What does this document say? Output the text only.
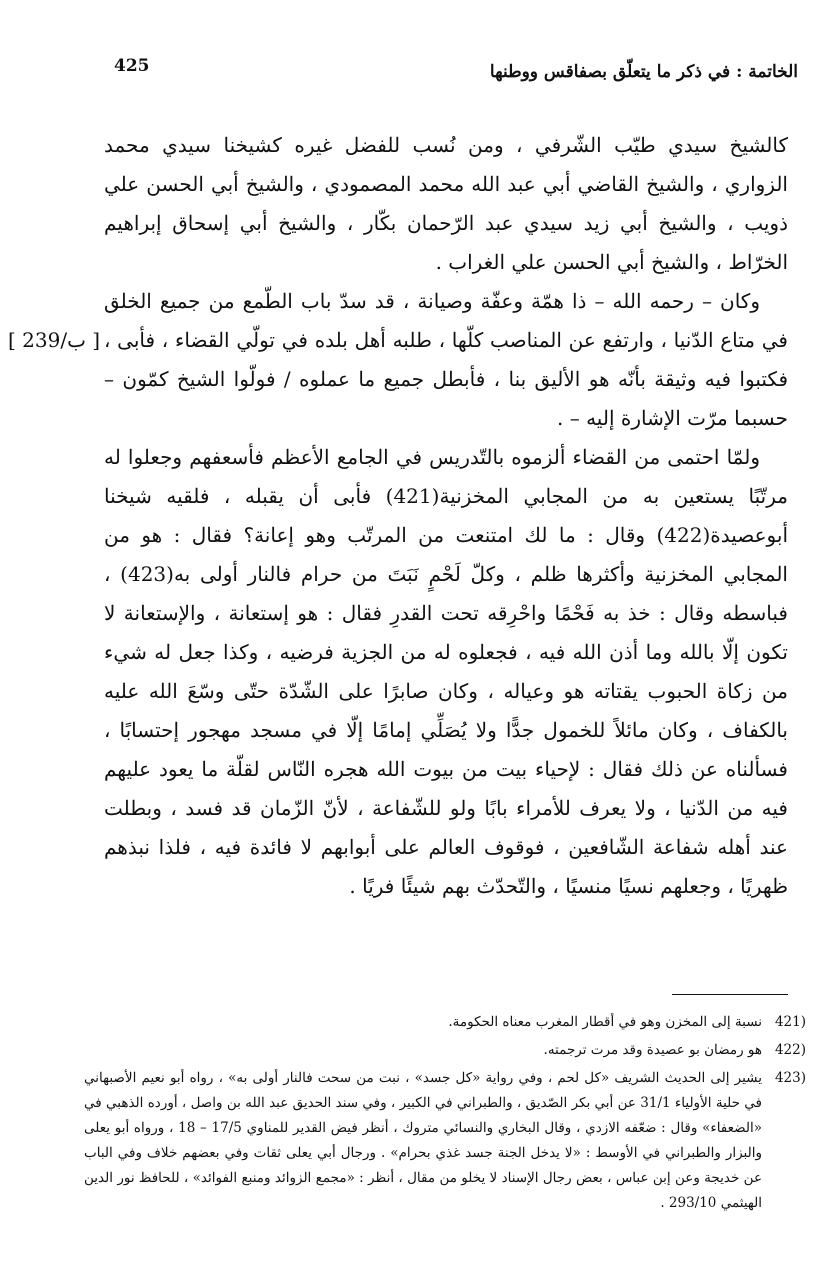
الخاتمة : في ذكر ما يتعلّق بصفاقس ووطنها
425

كالشيخ سيدي طيّب الشّرفي ، ومن نُسب للفضل غيره كشيخنا سيدي محمد الزواري ، والشيخ القاضي أبي عبد الله محمد المصمودي ، والشيخ أبي الحسن علي ذويب ، والشيخ أبي زيد سيدي عبد الرّحمان بكّار ، والشيخ أبي إسحاق إبراهيم الخرّاط ، والشيخ أبي الحسن علي الغراب .

وكان – رحمه الله – ذا همّة وعفّة وصيانة ، قد سدّ باب الطّمع من جميع الخلق في متاع الدّنيا ، وارتفع عن المناصب كلّها ، طلبه أهل بلده في تولّي القضاء ، فأبى ، فكتبوا فيه وثيقة بأنّه هو الأليق بنا ، فأبطل جميع ما عملوه / فولّوا الشيخ كمّون – حسبما مرّت الإشارة إليه – .

ولمّا احتمى من القضاء ألزموه بالتّدريس في الجامع الأعظم فأسعفهم وجعلوا له مرتّبًا يستعين به من المجابي المخزنية(421) فأبى أن يقبله ، فلقيه شيخنا أبوعصيدة(422) وقال : ما لك امتنعت من المرتّب وهو إعانة؟ فقال : هو من المجابي المخزنية وأكثرها ظلم ، وكلّ لَحْمٍ نَبَتَ من حرام فالنار أولى به(423) ، فباسطه وقال : خذ به فَحْمًا واحْرِقه تحت القدرِ فقال : هو إستعانة ، والإستعانة لا تكون إلّا بالله وما أذن الله فيه ، فجعلوه له من الجزية فرضيه ، وكذا جعل له شيء من زكاة الحبوب يقتاته هو وعياله ، وكان صابرًا على الشّدّة حتّى وسّعَ الله عليه بالكفاف ، وكان مائلاً للخمول جدًّا ولا يُصَلِّي إمامًا إلّا في مسجد مهجور إحتسابًا ، فسألناه عن ذلك فقال : لإحياء بيت من بيوت الله هجره النّاس لقلّة ما يعود عليهم فيه من الدّنيا ، ولا يعرف للأمراء بابًا ولو للشّفاعة ، لأنّ الزّمان قد فسد ، وبطلت عند أهله شفاعة الشّافعين ، فوقوف العالم على أبوابهم لا فائدة فيه ، فلذا نبذهم ظهريًا ، وجعلهم نسيًا منسيًا ، والتّحدّث بهم شيئًا فريًا .

[ 239/ب ]
(421
نسبة إلى المخزن وهو في أقطار المغرب معناه الحكومة.
(422
هو رمضان بو عصيدة وقد مرت ترجمته.
(423
يشير إلى الحديث الشريف «كل لحم ، وفي رواية «كل جسد» ، نبت من سحت فالنار أولى به» ، رواه أبو نعيم الأصبهاني في حلية الأولياء 31/1 عن أبي بكر الصّديق ، والطبراني في الكبير ، وفي سند الحديق عبد الله بن واصل ، أورده الذهبي في «الضعفاء» وقال : ضعّفه الازدي ، وقال البخاري والنسائي متروك ، أنظر فيض القدير للمناوي 17/5 – 18 ، ورواه أبو يعلى والبزار والطبراني في الأوسط : «لا يدخل الجنة جسد غذي بحرام» . ورجال أبي يعلى ثقات وفي بعضهم خلاف وفي الباب عن خديجة وعن إبن عباس ، بعض رجال الإسناد لا يخلو من مقال ، أنظر : «مجمع الزوائد ومنبع الفوائد» ، للحافظ نور الدين الهيثمي 293/10 .
